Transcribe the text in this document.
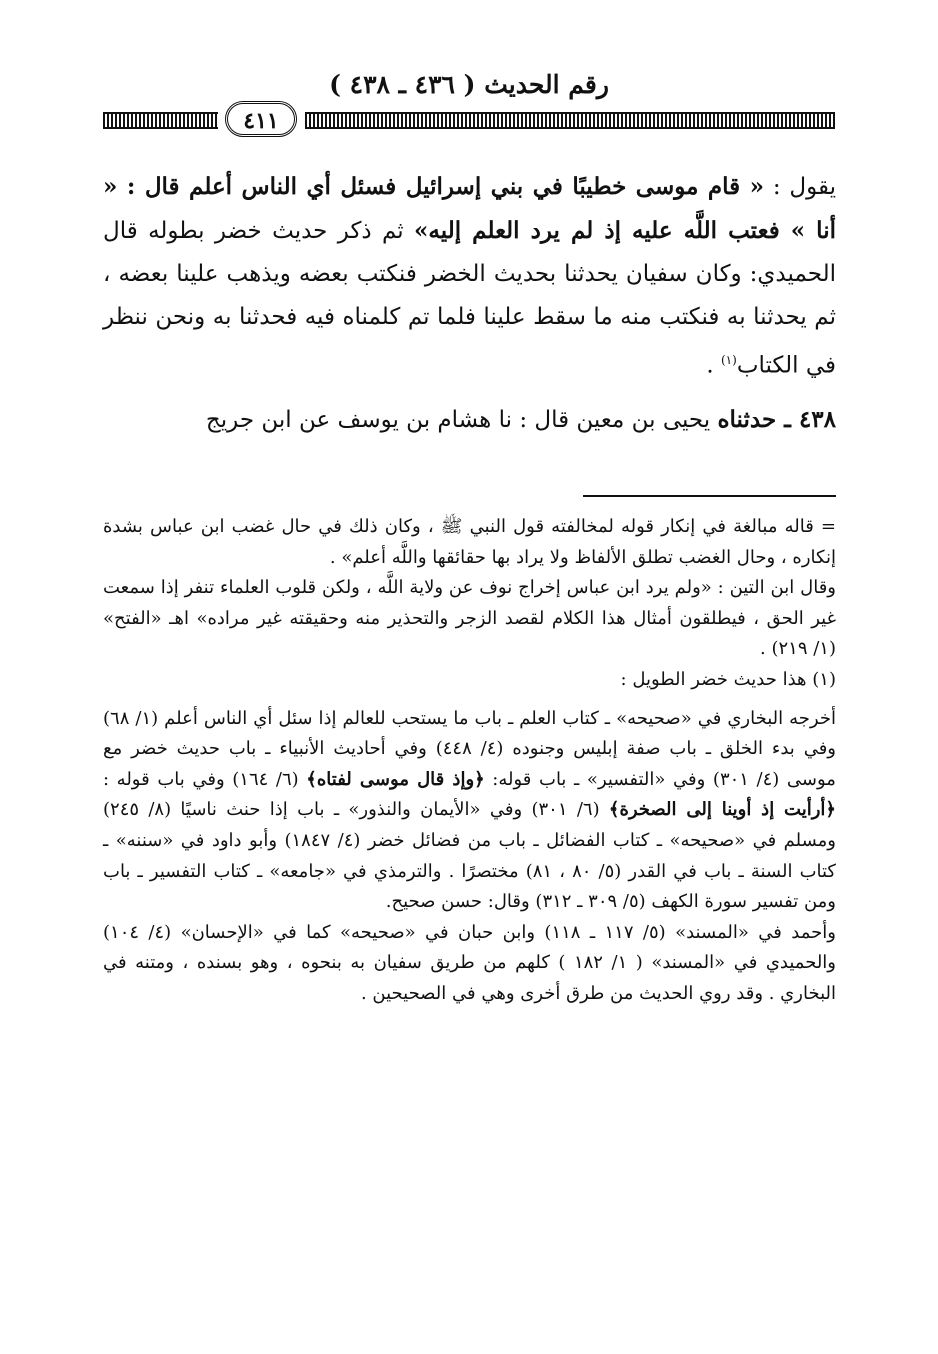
رقم الحديث ( ٤٣٦ ـ ٤٣٨ )
٤١١

يقول : « قام موسى خطيبًا في بني إسرائيل فسئل أي الناس أعلم قال : « أنا » فعتب اللَّه عليه إذ لم يرد العلم إليه» ثم ذكر حديث خضر بطوله قال الحميدي: وكان سفيان يحدثنا بحديث الخضر فنكتب بعضه ويذهب علينا بعضه ، ثم يحدثنا به فنكتب منه ما سقط علينا فلما تم كلمناه فيه فحدثنا به ونحن ننظر في الكتاب$^{(١)}$ .

٤٣٨ ـ حدثناه يحيى بن معين قال : نا هشام بن يوسف عن ابن جريج

= قاله مبالغة في إنكار قوله لمخالفته قول النبي ﷺ ، وكان ذلك في حال غضب ابن عباس بشدة إنكاره ، وحال الغضب تطلق الألفاظ ولا يراد بها حقائقها واللَّه أعلم» .

وقال ابن التين : «ولم يرد ابن عباس إخراج نوف عن ولاية اللَّه ، ولكن قلوب العلماء تنفر إذا سمعت غير الحق ، فيطلقون أمثال هذا الكلام لقصد الزجر والتحذير منه وحقيقته غير مراده» اهـ «الفتح» (١/ ٢١٩) .

(١) هذا حديث خضر الطويل :

أخرجه البخاري في «صحيحه» ـ كتاب العلم ـ باب ما يستحب للعالم إذا سئل أي الناس أعلم (١/ ٦٨) وفي بدء الخلق ـ باب صفة إبليس وجنوده (٤/ ٤٤٨) وفي أحاديث الأنبياء ـ باب حديث خضر مع موسى (٤/ ٣٠١) وفي «التفسير» ـ باب قوله: ﴿وإذ قال موسى لفتاه﴾ (٦/ ١٦٤) وفي باب قوله : ﴿أرأيت إذ أوينا إلى الصخرة﴾ (٦/ ٣٠١) وفي «الأيمان والنذور» ـ باب إذا حنث ناسيًا (٨/ ٢٤٥) ومسلم في «صحيحه» ـ كتاب الفضائل ـ باب من فضائل خضر (٤/ ١٨٤٧) وأبو داود في «سننه» ـ كتاب السنة ـ باب في القدر (٥/ ٨٠ ، ٨١) مختصرًا . والترمذي في «جامعه» ـ كتاب التفسير ـ باب ومن تفسير سورة الكهف (٥/ ٣٠٩ ـ ٣١٢) وقال: حسن صحيح.

وأحمد في «المسند» (٥/ ١١٧ ـ ١١٨) وابن حبان في «صحيحه» كما في «الإحسان» (٤/ ١٠٤) والحميدي في «المسند» ( ١/ ١٨٢ ) كلهم من طريق سفيان به بنحوه ، وهو بسنده ، ومتنه في البخاري . وقد روي الحديث من طرق أخرى وهي في الصحيحين .
